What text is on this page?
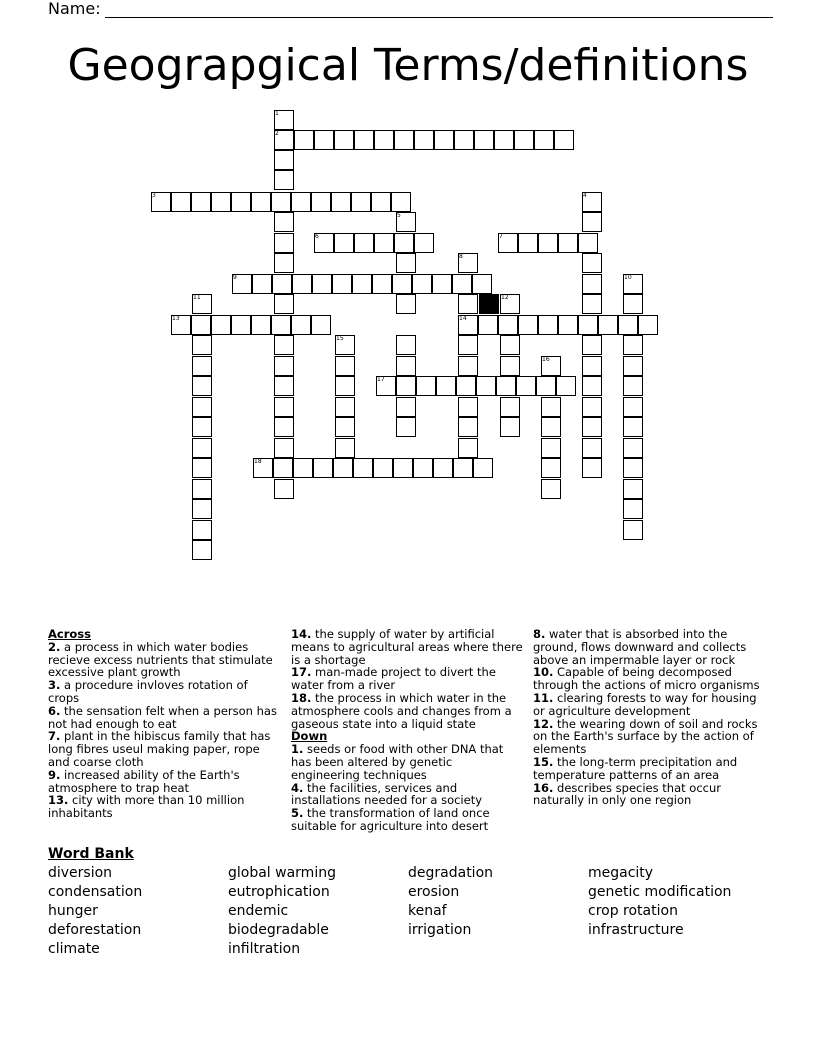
Name:
Geograpgical Terms/definitions
1
2
3	4
5
6	7
8
9	10
11	12
13	14
15
16
17
18
Across
2. a process in which water bodies recieve excess nutrients that stimulate excessive plant growth
3. a procedure invloves rotation of crops
6. the sensation felt when a person has not had enough to eat
7. plant in the hibiscus family that has long fibres useul making paper, rope and coarse cloth
9. increased ability of the Earth's atmosphere to trap heat
13. city with more than 10 million inhabitants
14. the supply of water by artificial means to agricultural areas where there is a shortage
17. man-made project to divert the water from a river
18. the process in which water in the atmosphere cools and changes from a gaseous state into a liquid state
Down
1. seeds or food with other DNA that has been altered by genetic engineering techniques
4. the facilities, services and installations needed for a society
5. the transformation of land once suitable for agriculture into desert
8. water that is absorbed into the ground, flows downward and collects above an impermable layer or rock
10. Capable of being decomposed through the actions of micro organisms
11. clearing forests to way for housing or agriculture development
12. the wearing down of soil and rocks on the Earth's surface by the action of elements
15. the long-term precipitation and temperature patterns of an area
16. describes species that occur naturally in only one region
Word Bank
diversion
condensation
hunger
deforestation
climate
global warming
eutrophication
endemic
biodegradable
infiltration
degradation
erosion
kenaf
irrigation
megacity
genetic modification
crop rotation
infrastructure
